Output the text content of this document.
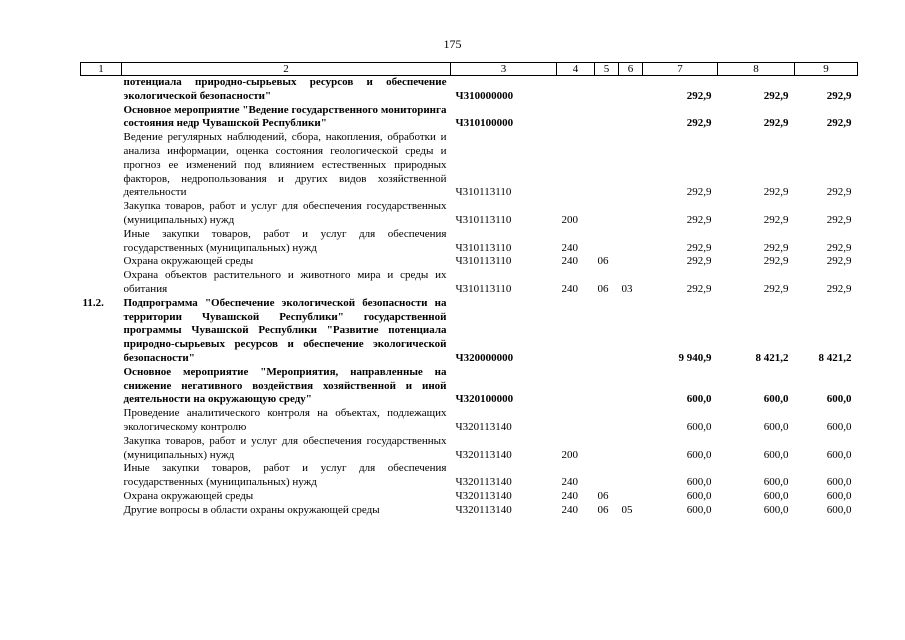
175
1	2	3	4	5	6	7	8	9
	потенциала природно-сырьевых ресурсов и обеспечение экологической безопасности"	Ч310000000				292,9	292,9	292,9
	Основное мероприятие "Ведение государственного мониторинга состояния недр Чувашской Республики"	Ч310100000				292,9	292,9	292,9
	Ведение регулярных наблюдений, сбора, накопления, обработки и анализа информации, оценка состояния геологической среды и прогноз ее изменений под влиянием естественных природных факторов, недропользования и других видов хозяйственной деятельности	Ч310113110				292,9	292,9	292,9
	Закупка товаров, работ и услуг для обеспечения государственных (муниципальных) нужд	Ч310113110	200			292,9	292,9	292,9
	Иные закупки товаров, работ и услуг для обеспечения государственных (муниципальных) нужд	Ч310113110	240			292,9	292,9	292,9
	Охрана окружающей среды	Ч310113110	240	06		292,9	292,9	292,9
	Охрана объектов растительного и животного мира и среды их обитания	Ч310113110	240	06	03	292,9	292,9	292,9
11.2.	Подпрограмма "Обеспечение экологической безопасности на территории Чувашской Республики" государственной программы Чувашской Республики "Развитие потенциала природно-сырьевых ресурсов и обеспечение экологической безопасности"	Ч320000000				9 940,9	8 421,2	8 421,2
	Основное мероприятие "Мероприятия, направленные на снижение негативного воздействия хозяйственной и иной деятельности на окружающую среду"	Ч320100000				600,0	600,0	600,0
	Проведение аналитического контроля на объектах, подлежащих экологическому контролю	Ч320113140				600,0	600,0	600,0
	Закупка товаров, работ и услуг для обеспечения государственных (муниципальных) нужд	Ч320113140	200			600,0	600,0	600,0
	Иные закупки товаров, работ и услуг для обеспечения государственных (муниципальных) нужд	Ч320113140	240			600,0	600,0	600,0
	Охрана окружающей среды	Ч320113140	240	06		600,0	600,0	600,0
	Другие вопросы в области охраны окружающей среды	Ч320113140	240	06	05	600,0	600,0	600,0
